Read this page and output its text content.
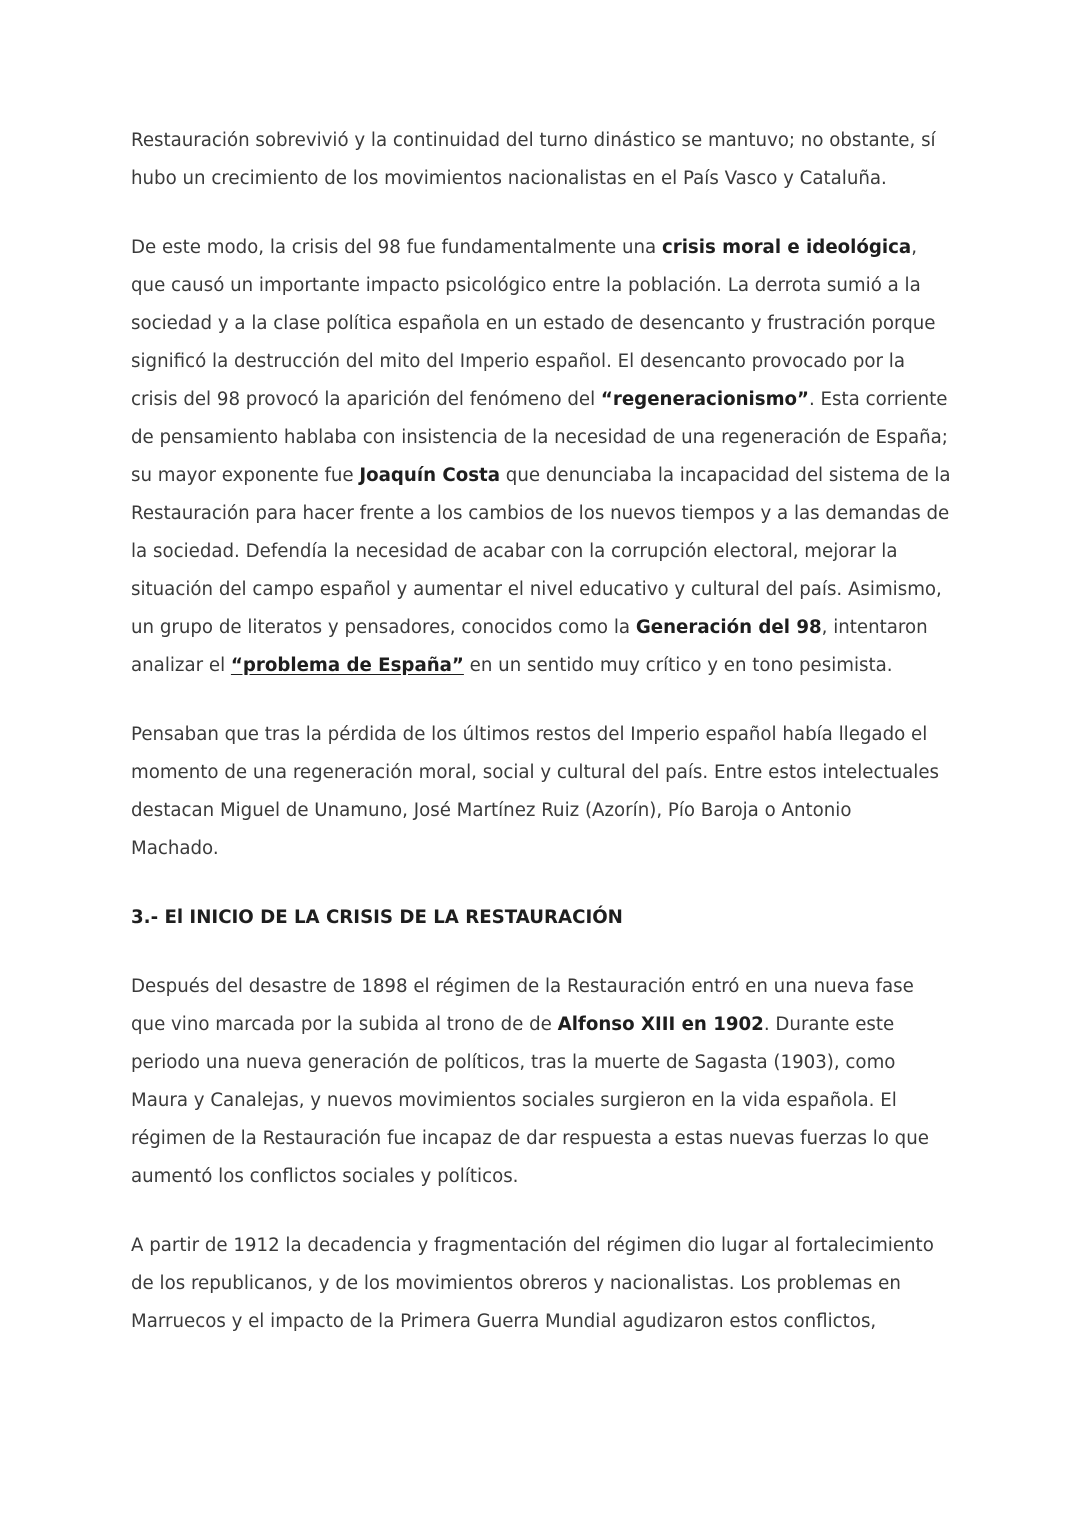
Restauración sobrevivió y la continuidad del turno dinástico se mantuvo; no obstante, sí
hubo un crecimiento de los movimientos nacionalistas en el País Vasco y Cataluña.

De este modo, la crisis del 98 fue fundamentalmente una crisis moral e ideológica,
que causó un importante impacto psicológico entre la población. La derrota sumió a la
sociedad y a la clase política española en un estado de desencanto y frustración porque
significó la destrucción del mito del Imperio español. El desencanto provocado por la
crisis del 98 provocó la aparición del fenómeno del “regeneracionismo”. Esta corriente
de pensamiento hablaba con insistencia de la necesidad de una regeneración de España;
su mayor exponente fue Joaquín Costa que denunciaba la incapacidad del sistema de la
Restauración para hacer frente a los cambios de los nuevos tiempos y a las demandas de
la sociedad. Defendía la necesidad de acabar con la corrupción electoral, mejorar la
situación del campo español y aumentar el nivel educativo y cultural del país. Asimismo,
un grupo de literatos y pensadores, conocidos como la Generación del 98, intentaron
analizar el “problema de España” en un sentido muy crítico y en tono pesimista.

Pensaban que tras la pérdida de los últimos restos del Imperio español había llegado el
momento de una regeneración moral, social y cultural del país. Entre estos intelectuales
destacan Miguel de Unamuno, José Martínez Ruiz (Azorín), Pío Baroja o Antonio
Machado.

3.- El INICIO DE LA CRISIS DE LA RESTAURACIÓN

Después del desastre de 1898 el régimen de la Restauración entró en una nueva fase
que vino marcada por la subida al trono de de Alfonso XIII en 1902. Durante este
periodo una nueva generación de políticos, tras la muerte de Sagasta (1903), como
Maura y Canalejas, y nuevos movimientos sociales surgieron en la vida española. El
régimen de la Restauración fue incapaz de dar respuesta a estas nuevas fuerzas lo que
aumentó los conflictos sociales y políticos.

A partir de 1912 la decadencia y fragmentación del régimen dio lugar al fortalecimiento
de los republicanos, y de los movimientos obreros y nacionalistas. Los problemas en
Marruecos y el impacto de la Primera Guerra Mundial agudizaron estos conflictos,
